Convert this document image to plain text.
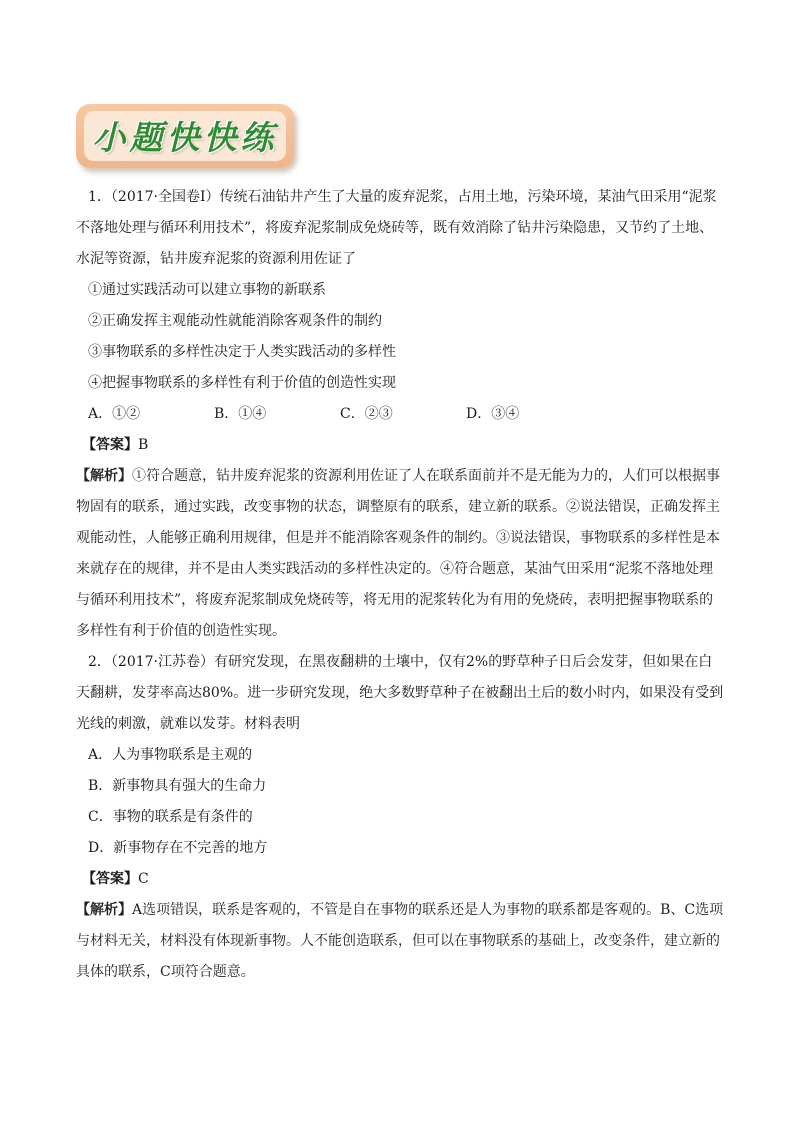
小题快快练

1．（2017·全国卷Ⅰ）传统石油钻井产生了大量的废弃泥浆，占用土地，污染环境，某油气田采用“泥浆不落地处理与循环利用技术”，将废弃泥浆制成免烧砖等，既有效消除了钻井污染隐患，又节约了土地、水泥等资源，钻井废弃泥浆的资源利用佐证了

①通过实践活动可以建立事物的新联系

②正确发挥主观能动性就能消除客观条件的制约

③事物联系的多样性决定于人类实践活动的多样性

④把握事物联系的多样性有利于价值的创造性实现

A．①②	B．①④	C．②③	D．③④

【答案】B

【解析】①符合题意，钻井废弃泥浆的资源利用佐证了人在联系面前并不是无能为力的，人们可以根据事物固有的联系，通过实践，改变事物的状态，调整原有的联系，建立新的联系。②说法错误，正确发挥主观能动性，人能够正确利用规律，但是并不能消除客观条件的制约。③说法错误，事物联系的多样性是本来就存在的规律，并不是由人类实践活动的多样性决定的。④符合题意，某油气田采用“泥浆不落地处理与循环利用技术”，将废弃泥浆制成免烧砖等，将无用的泥浆转化为有用的免烧砖，表明把握事物联系的多样性有利于价值的创造性实现。

2．（2017·江苏卷）有研究发现，在黑夜翻耕的土壤中，仅有2%的野草种子日后会发芽，但如果在白天翻耕，发芽率高达80%。进一步研究发现，绝大多数野草种子在被翻出土后的数小时内，如果没有受到光线的刺激，就难以发芽。材料表明

A．人为事物联系是主观的

B．新事物具有强大的生命力

C．事物的联系是有条件的

D．新事物存在不完善的地方

【答案】C

【解析】A选项错误，联系是客观的，不管是自在事物的联系还是人为事物的联系都是客观的。B、C选项与材料无关，材料没有体现新事物。人不能创造联系，但可以在事物联系的基础上，改变条件，建立新的具体的联系，C项符合题意。
